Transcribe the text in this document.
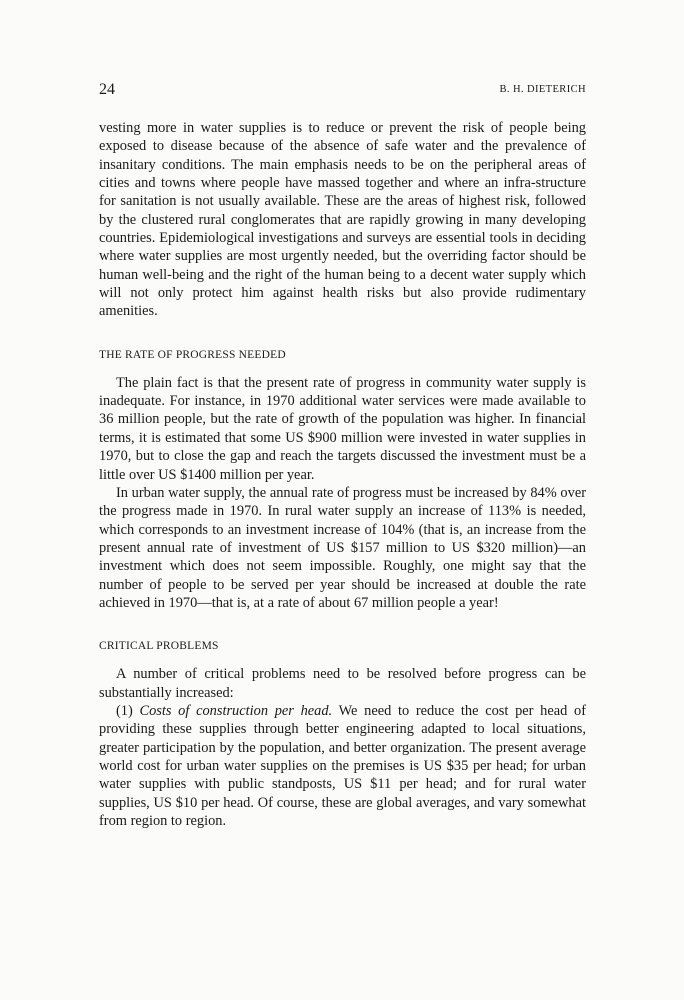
24	B. H. DIETERICH

vesting more in water supplies is to reduce or prevent the risk of people being exposed to disease because of the absence of safe water and the prevalence of insanitary conditions. The main emphasis needs to be on the peripheral areas of cities and towns where people have massed together and where an infra-structure for sanitation is not usually available. These are the areas of highest risk, followed by the clustered rural conglomerates that are rapidly growing in many developing countries. Epidemiological investigations and surveys are essential tools in deciding where water supplies are most urgently needed, but the overriding factor should be human well-being and the right of the human being to a decent water supply which will not only protect him against health risks but also provide rudimentary amenities.

THE RATE OF PROGRESS NEEDED

The plain fact is that the present rate of progress in community water supply is inadequate. For instance, in 1970 additional water services were made available to 36 million people, but the rate of growth of the population was higher. In financial terms, it is estimated that some US $900 million were invested in water supplies in 1970, but to close the gap and reach the targets discussed the investment must be a little over US $1400 million per year.

In urban water supply, the annual rate of progress must be increased by 84% over the progress made in 1970. In rural water supply an increase of 113% is needed, which corresponds to an investment increase of 104% (that is, an increase from the present annual rate of investment of US $157 million to US $320 million)—an investment which does not seem impossible. Roughly, one might say that the number of people to be served per year should be increased at double the rate achieved in 1970—that is, at a rate of about 67 million people a year!

CRITICAL PROBLEMS

A number of critical problems need to be resolved before progress can be substantially increased:

(1) Costs of construction per head. We need to reduce the cost per head of providing these supplies through better engineering adapted to local situations, greater participation by the population, and better organization. The present average world cost for urban water supplies on the premises is US $35 per head; for urban water supplies with public standposts, US $11 per head; and for rural water supplies, US $10 per head. Of course, these are global averages, and vary somewhat from region to region.
